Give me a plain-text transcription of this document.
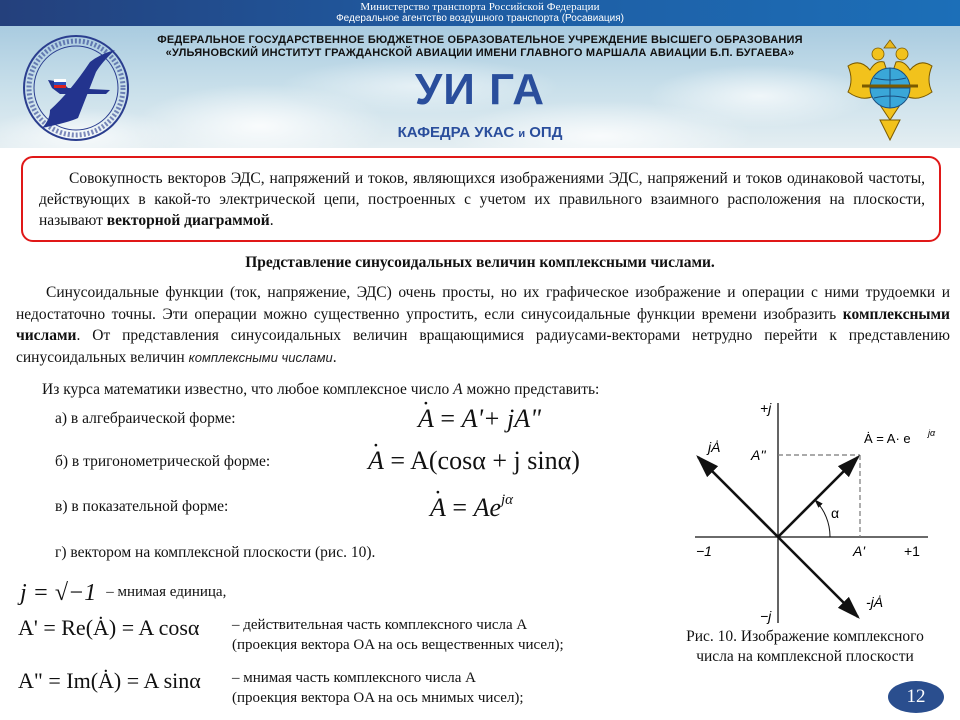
Министерство транспорта Российской Федерации
Федеральное агентство воздушного транспорта (Росавиация)
ФЕДЕРАЛЬНОЕ ГОСУДАРСТВЕННОЕ БЮДЖЕТНОЕ ОБРАЗОВАТЕЛЬНОЕ УЧРЕЖДЕНИЕ ВЫСШЕГО ОБРАЗОВАНИЯ
«УЛЬЯНОВСКИЙ ИНСТИТУТ ГРАЖДАНСКОЙ АВИАЦИИ ИМЕНИ ГЛАВНОГО МАРШАЛА АВИАЦИИ Б.П. БУГАЕВА»
УИ ГА
КАФЕДРА УКАС и ОПД
Совокупность векторов ЭДС, напряжений и токов, являющихся изображениями ЭДС, напряжений и токов одинаковой частоты, действующих в какой-то электрической цепи, построенных с учетом их правильного взаимного расположения на плоскости, называют векторной диаграммой.
Представление синусоидальных величин комплексными числами.
Синусоидальные функции (ток, напряжение, ЭДС) очень просты, но их графическое изображение и операции с ними трудоемки и недостаточно точны. Эти операции можно существенно упростить, если синусоидальные функции времени изобразить комплексными числами. От представления синусоидальных величин вращающимися радиусами-векторами нетрудно перейти к представлению синусоидальных величин комплексными числами.
Из курса математики известно, что любое комплексное число A можно представить:
а) в алгебраической форме:	· A = A'+ jA"
б) в тригонометрической форме:	· A = A(cosα + j sinα)
в) в показательной форме:	· $A = Ae^{j\alpha}$
г) вектором на комплексной плоскости (рис. 10).
j = √−1 – мнимая единица,
A' = Re(Ȧ) = A cosα – действительная часть комплексного числа A
(проекция вектора OA на ось вещественных чисел);
A" = Im(Ȧ) = A sinα – мнимая часть комплексного числа A
(проекция вектора OA на ось мнимых чисел);
+j
−j
−1	+1
A'
A''
α
jȦ
-jȦ
Ȧ = A· e jα
Рис. 10. Изображение комплексного
числа на комплексной плоскости
12
